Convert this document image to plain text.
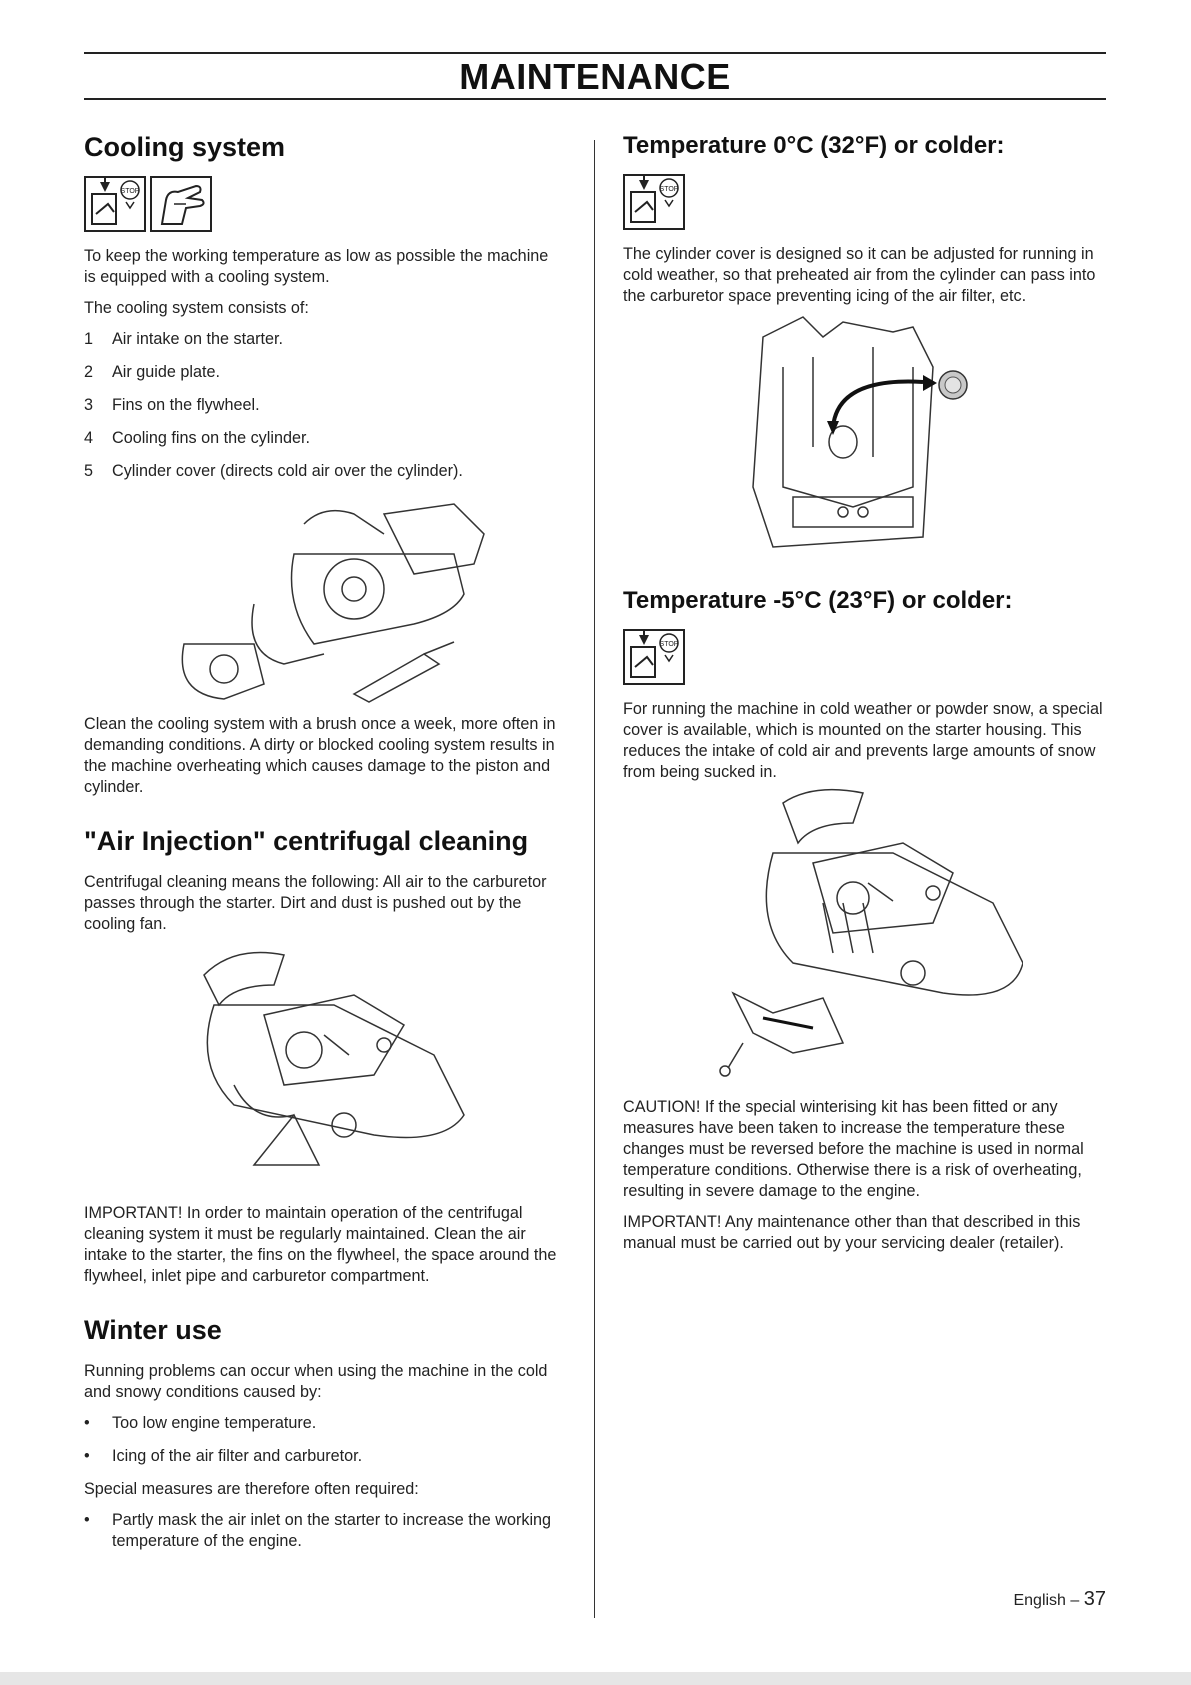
MAINTENANCE
Cooling system
STOP

To keep the working temperature as low as possible the machine is equipped with a cooling system.

The cooling system consists of:

1 Air intake on the starter.
2 Air guide plate.
3 Fins on the flywheel.
4 Cooling fins on the cylinder.
5 Cylinder cover (directs cold air over the cylinder).

Clean the cooling system with a brush once a week, more often in demanding conditions. A dirty or blocked cooling system results in the machine overheating which causes damage to the piston and cylinder.

"Air Injection" centrifugal cleaning

Centrifugal cleaning means the following: All air to the carburetor passes through the starter. Dirt and dust is pushed out by the cooling fan.

IMPORTANT! In order to maintain operation of the centrifugal cleaning system it must be regularly maintained. Clean the air intake to the starter, the fins on the flywheel, the space around the flywheel, inlet pipe and carburetor compartment.

Winter use

Running problems can occur when using the machine in the cold and snowy conditions caused by:

• Too low engine temperature.
• Icing of the air filter and carburetor.

Special measures are therefore often required:

• Partly mask the air inlet on the starter to increase the working temperature of the engine.
Temperature 0°C (32°F) or colder:
STOP

The cylinder cover is designed so it can be adjusted for running in cold weather, so that preheated air from the cylinder can pass into the carburetor space preventing icing of the air filter, etc.

Temperature -5°C (23°F) or colder:
STOP

For running the machine in cold weather or powder snow, a special cover is available, which is mounted on the starter housing. This reduces the intake of cold air and prevents large amounts of snow from being sucked in.

CAUTION! If the special winterising kit has been fitted or any measures have been taken to increase the temperature these changes must be reversed before the machine is used in normal temperature conditions. Otherwise there is a risk of overheating, resulting in severe damage to the engine.

IMPORTANT! Any maintenance other than that described in this manual must be carried out by your servicing dealer (retailer).

English – 37
